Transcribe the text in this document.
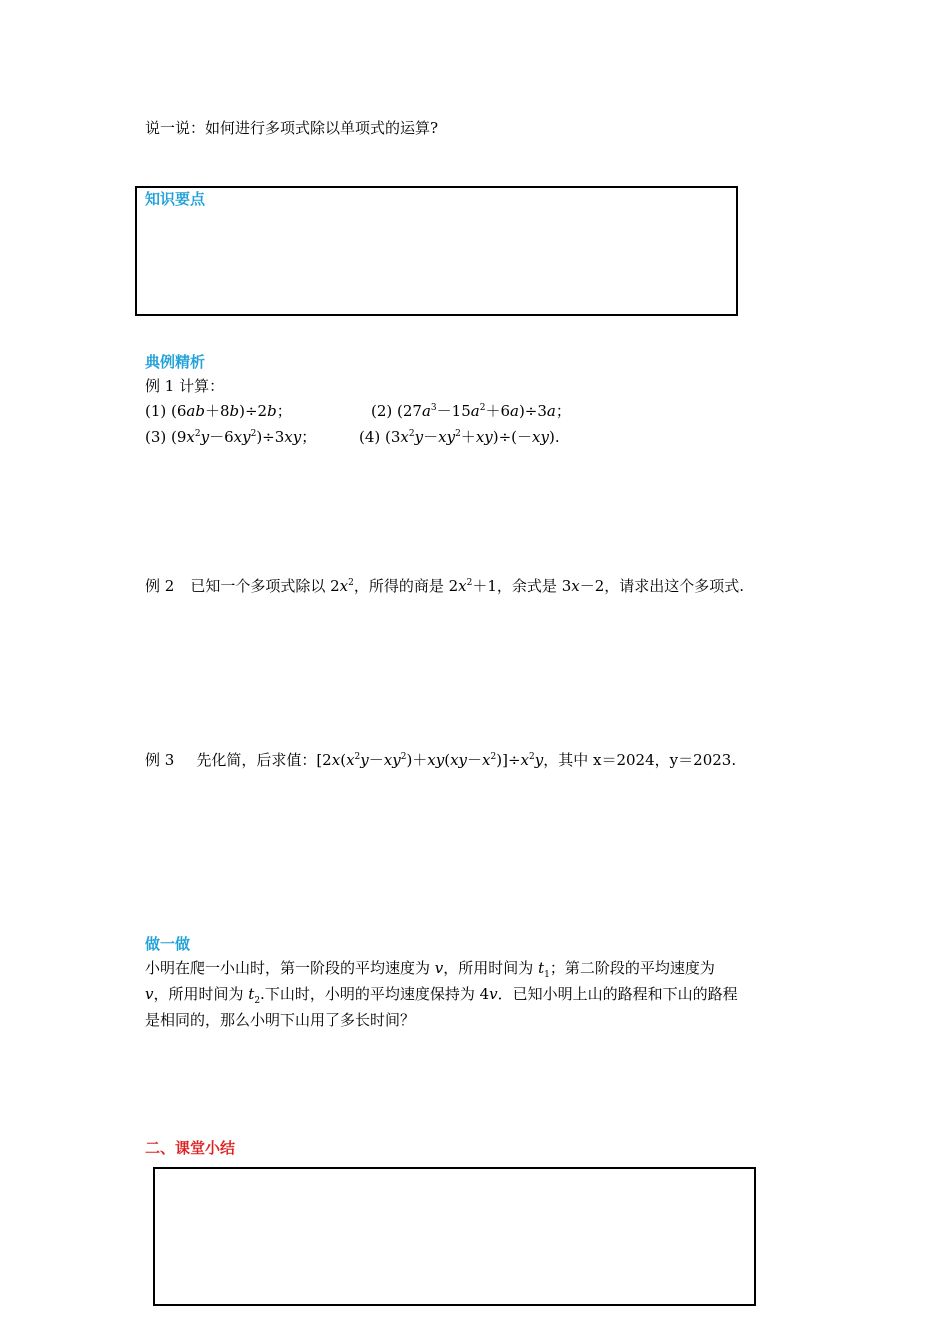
说一说：如何进行多项式除以单项式的运算?
知识要点
典例精析
例 1 计算：
(1) (6ab＋8b)÷2b；	(2) $(27a^3-15a^2+6a)\div 3a$；
(3) $(9x^2y-6xy^2)\div 3xy$；	(4) $(3x^2y-xy^2+xy)\div(-xy)$.
例 2 已知一个多项式除以 $2x^2$，所得的商是 $2x^2+1$，余式是 3x－2，请求出这个多项式.
例 3 先化简，后求值：$[2x(x^2y-xy^2)+xy(xy-x^2)]\div x^2y$，其中 x＝2024，y＝2023.
做一做
小明在爬一小山时，第一阶段的平均速度为 v，所用时间为 $t_1$；第二阶段的平均速度为
v，所用时间为 $t_2$.下山时，小明的平均速度保持为 4v．已知小明上山的路程和下山的路程
是相同的，那么小明下山用了多长时间？
二、课堂小结
